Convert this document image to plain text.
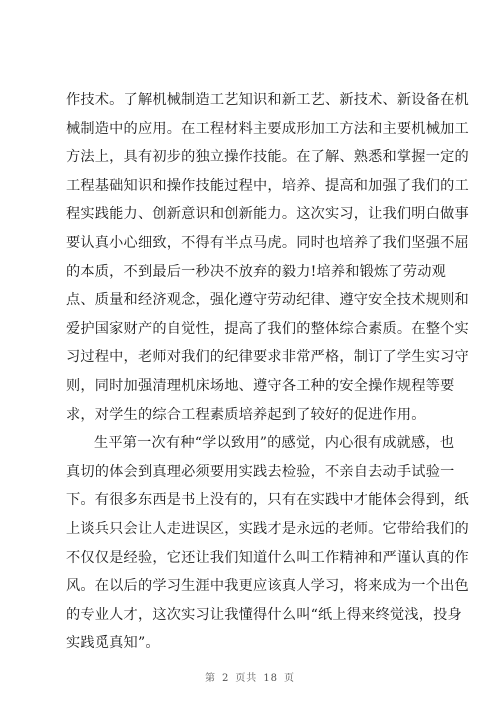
作技术。了解机械制造工艺知识和新工艺、新技术、新设备在机
械制造中的应用。在工程材料主要成形加工方法和主要机械加工
方法上，具有初步的独立操作技能。在了解、熟悉和掌握一定的
工程基础知识和操作技能过程中，培养、提高和加强了我们的工
程实践能力、创新意识和创新能力。这次实习，让我们明白做事
要认真小心细致，不得有半点马虎。同时也培养了我们坚强不屈
的本质，不到最后一秒决不放弃的毅力!培养和锻炼了劳动观
点、质量和经济观念，强化遵守劳动纪律、遵守安全技术规则和
爱护国家财产的自觉性，提高了我们的整体综合素质。在整个实
习过程中，老师对我们的纪律要求非常严格，制订了学生实习守
则，同时加强清理机床场地、遵守各工种的安全操作规程等要
求，对学生的综合工程素质培养起到了较好的促进作用。
生平第一次有种“学以致用”的感觉，内心很有成就感，也
真切的体会到真理必须要用实践去检验，不亲自去动手试验一
下。有很多东西是书上没有的，只有在实践中才能体会得到，纸
上谈兵只会让人走进误区，实践才是永远的老师。它带给我们的
不仅仅是经验，它还让我们知道什么叫工作精神和严谨认真的作
风。在以后的学习生涯中我更应该真人学习，将来成为一个出色
的专业人才，这次实习让我懂得什么叫“纸上得来终觉浅，投身
实践觅真知”。
第 2 页共 18 页
